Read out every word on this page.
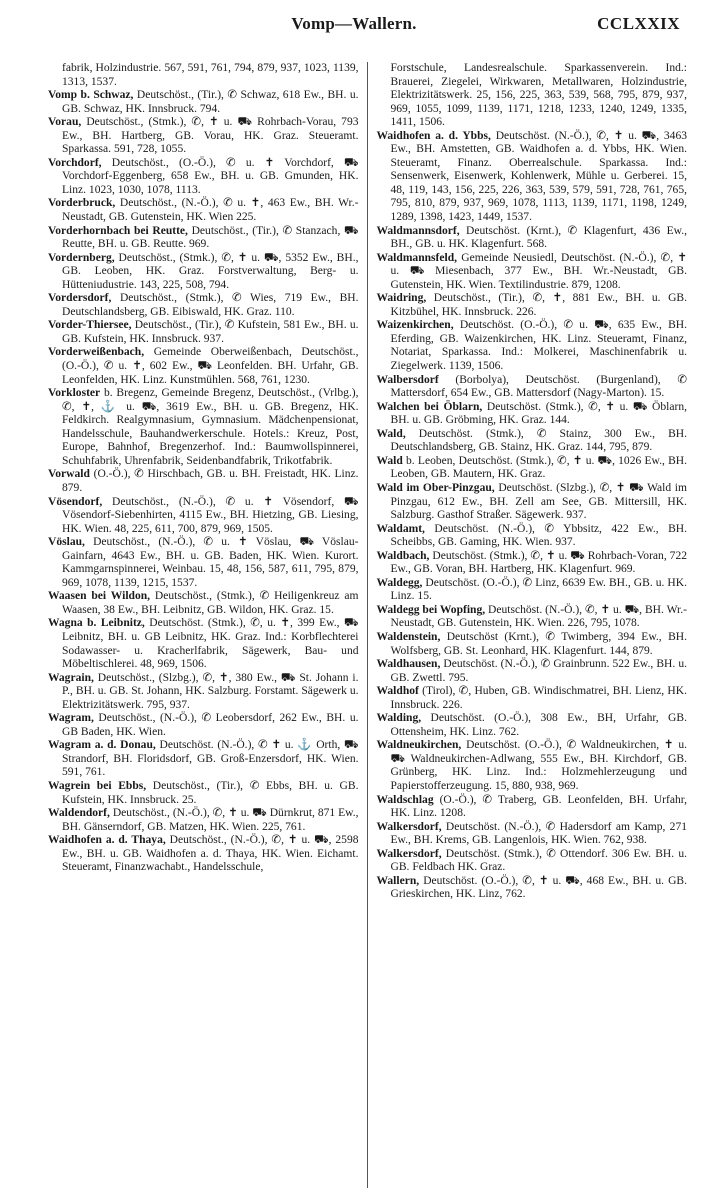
Vomp—Wallern.	CCLXXIX
fabrik, Holzindustrie. 567, 591, 761, 794, 879, 937, 1023, 1139, 1313, 1537.
Vomp b. Schwaz, Deutschöst., (Tir.), ✆ Schwaz, 618 Ew., BH. u. GB. Schwaz, HK. Innsbruck. 794.
Vorau, Deutschöst., (Stmk.), ✆, ✝ u. ⛟ Rohrbach-Vorau, 793 Ew., BH. Hartberg, GB. Vorau, HK. Graz. Steueramt. Sparkassa. 591, 728, 1055.
Vorchdorf, Deutschöst., (O.-Ö.), ✆ u. ✝ Vorchdorf, ⛟ Vorchdorf-Eggenberg, 658 Ew., BH. u. GB. Gmunden, HK. Linz. 1023, 1030, 1078, 1113.
Vorderbruck, Deutschöst., (N.-Ö.), ✆ u. ✝, 463 Ew., BH. Wr.-Neustadt, GB. Gutenstein, HK. Wien 225.
Vorderhornbach bei Reutte, Deutschöst., (Tir.), ✆ Stanzach, ⛟ Reutte, BH. u. GB. Reutte. 969.
Vordernberg, Deutschöst., (Stmk.), ✆, ✝ u. ⛟, 5352 Ew., BH., GB. Leoben, HK. Graz. Forstverwaltung, Berg- u. Hütteniudustrie. 143, 225, 508, 794.
Vordersdorf, Deutschöst., (Stmk.), ✆ Wies, 719 Ew., BH. Deutschlandsberg, GB. Eibiswald, HK. Graz. 110.
Vorder-Thiersee, Deutschöst., (Tir.), ✆ Kufstein, 581 Ew., BH. u. GB. Kufstein, HK. Innsbruck. 937.
Vorderweißenbach, Gemeinde Oberweißenbach, Deutschöst., (O.-Ö.), ✆ u. ✝, 602 Ew., ⛟ Leonfelden. BH. Urfahr, GB. Leonfelden, HK. Linz. Kunstmühlen. 568, 761, 1230.
Vorkloster b. Bregenz, Gemeinde Bregenz, Deutschöst., (Vrlbg.), ✆, ✝, ⚓ u. ⛟, 3619 Ew., BH. u. GB. Bregenz, HK. Feldkirch. Realgymnasium, Gymnasium. Mädchenpensionat, Handelsschule, Bauhandwerkerschule. Hotels.: Kreuz, Post, Europe, Bahnhof, Bregenzerhof. Ind.: Baumwollspinnerei, Schuhfabrik, Uhrenfabrik, Seidenbandfabrik, Trikotfabrik.
Vorwald (O.-Ö.), ✆ Hirschbach, GB. u. BH. Freistadt, HK. Linz. 879.
Vösendorf, Deutschöst., (N.-Ö.), ✆ u. ✝ Vösendorf, ⛟ Vösendorf-Siebenhirten, 4115 Ew., BH. Hietzing, GB. Liesing, HK. Wien. 48, 225, 611, 700, 879, 969, 1505.
Vöslau, Deutschöst., (N.-Ö.), ✆ u. ✝ Vöslau, ⛟ Vöslau-Gainfarn, 4643 Ew., BH. u. GB. Baden, HK. Wien. Kurort. Kammgarnspinnerei, Weinbau. 15, 48, 156, 587, 611, 795, 879, 969, 1078, 1139, 1215, 1537.
Waasen bei Wildon, Deutschöst., (Stmk.), ✆ Heiligenkreuz am Waasen, 38 Ew., BH. Leibnitz, GB. Wildon, HK. Graz. 15.
Wagna b. Leibnitz, Deutschöst. (Stmk.), ✆, u. ✝, 399 Ew., ⛟ Leibnitz, BH. u. GB Leibnitz, HK. Graz. Ind.: Korbflechterei Sodawasser- u. Kracherlfabrik, Sägewerk, Bau- und Möbeltischlerei. 48, 969, 1506.
Wagrain, Deutschöst., (Slzbg.), ✆, ✝, 380 Ew., ⛟ St. Johann i. P., BH. u. GB. St. Johann, HK. Salzburg. Forstamt. Sägewerk u. Elektrizitätswerk. 795, 937.
Wagram, Deutschöst., (N.-Ö.), ✆ Leobersdorf, 262 Ew., BH. u. GB Baden, HK. Wien.
Wagram a. d. Donau, Deutschöst. (N.-Ö.), ✆ ✝ u. ⚓ Orth, ⛟ Strandorf, BH. Floridsdorf, GB. Groß-Enzersdorf, HK. Wien. 591, 761.
Wagrein bei Ebbs, Deutschöst., (Tir.), ✆ Ebbs, BH. u. GB. Kufstein, HK. Innsbruck. 25.
Waldendorf, Deutschöst., (N.-Ö.), ✆, ✝ u. ⛟ Dürnkrut, 871 Ew., BH. Gänserndorf, GB. Matzen, HK. Wien. 225, 761.
Waidhofen a. d. Thaya, Deutschöst., (N.-Ö.), ✆, ✝ u. ⛟, 2598 Ew., BH. u. GB. Waidhofen a. d. Thaya, HK. Wien. Eichamt. Steueramt, Finanzwachabt., Handelsschule,
Forstschule, Landesrealschule. Sparkassenverein. Ind.: Brauerei, Ziegelei, Wirkwaren, Metallwaren, Holzindustrie, Elektrizitätswerk. 25, 156, 225, 363, 539, 568, 795, 879, 937, 969, 1055, 1099, 1139, 1171, 1218, 1233, 1240, 1249, 1335, 1411, 1506.
Waidhofen a. d. Ybbs, Deutschöst. (N.-Ö.), ✆, ✝ u. ⛟, 3463 Ew., BH. Amstetten, GB. Waidhofen a. d. Ybbs, HK. Wien. Steueramt, Finanz. Oberrealschule. Sparkassa. Ind.: Sensenwerk, Eisenwerk, Kohlenwerk, Mühle u. Gerberei. 15, 48, 119, 143, 156, 225, 226, 363, 539, 579, 591, 728, 761, 765, 795, 810, 879, 937, 969, 1078, 1113, 1139, 1171, 1198, 1249, 1289, 1398, 1423, 1449, 1537.
Waldmannsdorf, Deutschöst. (Krnt.), ✆ Klagenfurt, 436 Ew., BH., GB. u. HK. Klagenfurt. 568.
Waldmannsfeld, Gemeinde Neusiedl, Deutschöst. (N.-Ö.), ✆, ✝ u. ⛟ Miesenbach, 377 Ew., BH. Wr.-Neustadt, GB. Gutenstein, HK. Wien. Textilindustrie. 879, 1208.
Waidring, Deutschöst., (Tir.), ✆, ✝, 881 Ew., BH. u. GB. Kitzbühel, HK. Innsbruck. 226.
Waizenkirchen, Deutschöst. (O.-Ö.), ✆ u. ⛟, 635 Ew., BH. Eferding, GB. Waizenkirchen, HK. Linz. Steueramt, Finanz, Notariat, Sparkassa. Ind.: Molkerei, Maschinenfabrik u. Ziegelwerk. 1139, 1506.
Walbersdorf (Borbolya), Deutschöst. (Burgenland), ✆ Mattersdorf, 654 Ew., GB. Mattersdorf (Nagy-Marton). 15.
Walchen bei Öblarn, Deutschöst. (Stmk.), ✆, ✝ u. ⛟ Öblarn, BH. u. GB. Gröbming, HK. Graz. 144.
Wald, Deutschöst. (Stmk.), ✆ Stainz, 300 Ew., BH. Deutschlandsberg, GB. Stainz, HK. Graz. 144, 795, 879.
Wald b. Leoben, Deutschöst. (Stmk.), ✆, ✝ u. ⛟, 1026 Ew., BH. Leoben, GB. Mautern, HK. Graz.
Wald im Ober-Pinzgau, Deutschöst. (Slzbg.), ✆, ✝ ⛟ Wald im Pinzgau, 612 Ew., BH. Zell am See, GB. Mittersill, HK. Salzburg. Gasthof Straßer. Sägewerk. 937.
Waldamt, Deutschöst. (N.-Ö.), ✆ Ybbsitz, 422 Ew., BH. Scheibbs, GB. Gaming, HK. Wien. 937.
Waldbach, Deutschöst. (Stmk.), ✆, ✝ u. ⛟ Rohrbach-Voran, 722 Ew., GB. Voran, BH. Hartberg, HK. Klagenfurt. 969.
Waldegg, Deutschöst. (O.-Ö.), ✆ Linz, 6639 Ew. BH., GB. u. HK. Linz. 15.
Waldegg bei Wopfing, Deutschöst. (N.-Ö.), ✆, ✝ u. ⛟, BH. Wr.-Neustadt, GB. Gutenstein, HK. Wien. 226, 795, 1078.
Waldenstein, Deutschöst (Krnt.), ✆ Twimberg, 394 Ew., BH. Wolfsberg, GB. St. Leonhard, HK. Klagenfurt. 144, 879.
Waldhausen, Deutschöst. (N.-Ö.), ✆ Grainbrunn. 522 Ew., BH. u. GB. Zwettl. 795.
Waldhof (Tirol), ✆, Huben, GB. Windischmatrei, BH. Lienz, HK. Innsbruck. 226.
Walding, Deutschöst. (O.-Ö.), 308 Ew., BH, Urfahr, GB. Ottensheim, HK. Linz. 762.
Waldneukirchen, Deutschöst. (O.-Ö.), ✆ Waldneukirchen, ✝ u. ⛟ Waldneukirchen-Adlwang, 555 Ew., BH. Kirchdorf, GB. Grünberg, HK. Linz. Ind.: Holzmehlerzeugung und Papierstofferzeugung. 15, 880, 938, 969.
Waldschlag (O.-Ö.), ✆ Traberg, GB. Leonfelden, BH. Urfahr, HK. Linz. 1208.
Walkersdorf, Deutschöst. (N.-Ö.), ✆ Hadersdorf am Kamp, 271 Ew., BH. Krems, GB. Langenlois, HK. Wien. 762, 938.
Walkersdorf, Deutschöst. (Stmk.), ✆ Ottendorf. 306 Ew. BH. u. GB. Feldbach HK. Graz.
Wallern, Deutschöst. (O.-Ö.), ✆, ✝ u. ⛟, 468 Ew., BH. u. GB. Grieskirchen, HK. Linz, 762.
